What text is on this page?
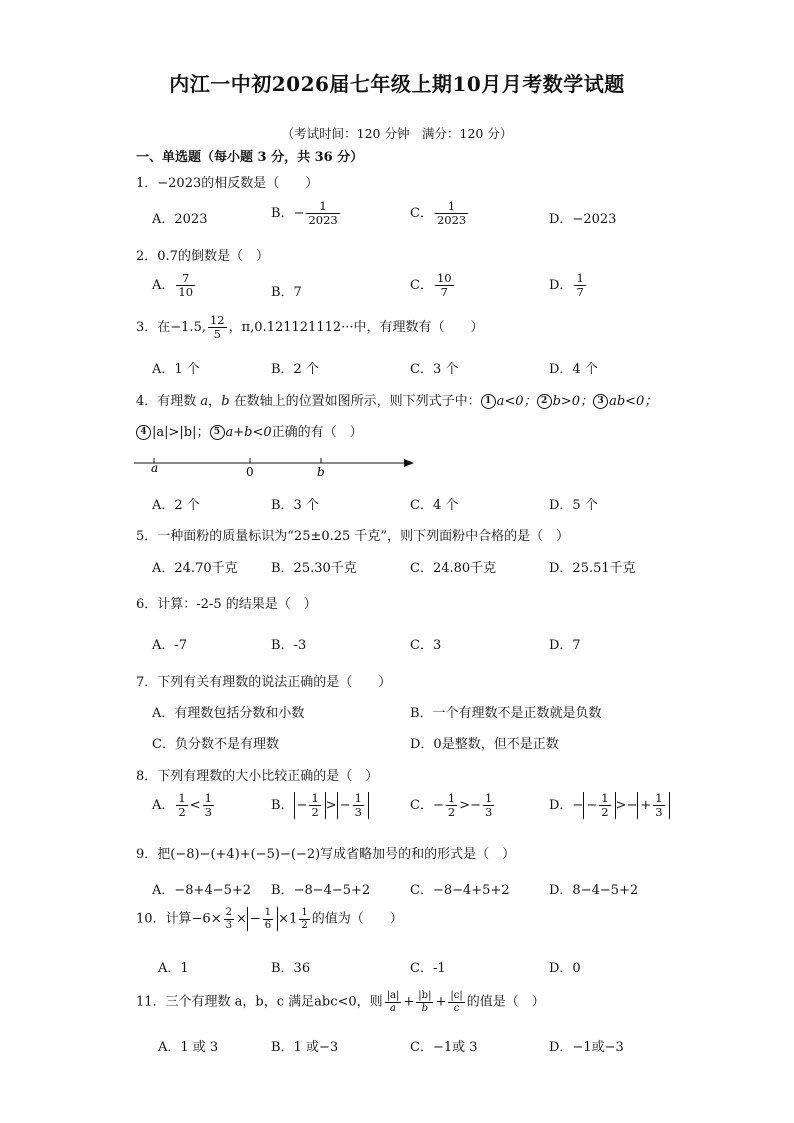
内江一中初2026届七年级上期10月月考数学试题
（考试时间：120 分钟　满分：120 分）
一、单选题（每小题 3 分，共 36 分）
1．−2023的相反数是（　　）
A．2023	B．− $\frac{1}{2023}$	C． $\frac{1}{2023}$	D．−2023
2．0.7的倒数是（　）
A． $\frac{7}{10}$	B．7	C． $\frac{10}{7}$	D． $\frac{1}{7}$
3．在−1.5, $\frac{12}{5}$ ，π,0.121121112···中，有理数有（　　）
A．1 个	B．2 个	C．3 个	D．4 个
4．有理数 a，b 在数轴上的位置如图所示，则下列式子中： 1 a<0； 2 b>0； 3 ab<0；
4 |a|>|b|； 5 a+b<0正确的有（　）
a	0	b
A．2 个	B．3 个	C．4 个	D．5 个
5．一种面粉的质量标识为“25±0.25 千克”，则下列面粉中合格的是（　）
A．24.70千克	B．25.30千克	C．24.80千克	D．25.51千克
6．计算：-2-5 的结果是（　）
A．-7	B．-3	C．3	D．7
7．下列有关有理数的说法正确的是（　　）
A．有理数包括分数和小数	B．一个有理数不是正数就是负数
C．负分数不是有理数	D．0是整数，但不是正数
8．下列有理数的大小比较正确的是（　）
A． $\frac{1}{2} < \frac{1}{3}$	B． − $\frac{1}{2}$ > − $\frac{1}{3}$	C．− $\frac{1}{2} >- \frac{1}{3}$	D．− − $\frac{1}{2}$ >− + $\frac{1}{3}$
9．把(−8)−(+4)+(−5)−(−2)写成省略加号的和的形式是（　）
A．−8+4−5+2 B．−8−4−5+2	C．−8−4+5+2	D．8−4−5+2
10．计算$-6\times \frac{2}{3}$ × − $\frac{1}{6} \times 1 \frac{1}{2}$ 的值为（　　）
A．1	B．36	C．-1	D．0
11．三个有理数 a，b，c 满足abc<0，则 $\frac{|a|}{a} + \frac{|b|}{b} + \frac{|c|}{c}$ 的值是（　）
A．1 或 3	B．1 或−3	C．−1或 3	D．−1或−3
